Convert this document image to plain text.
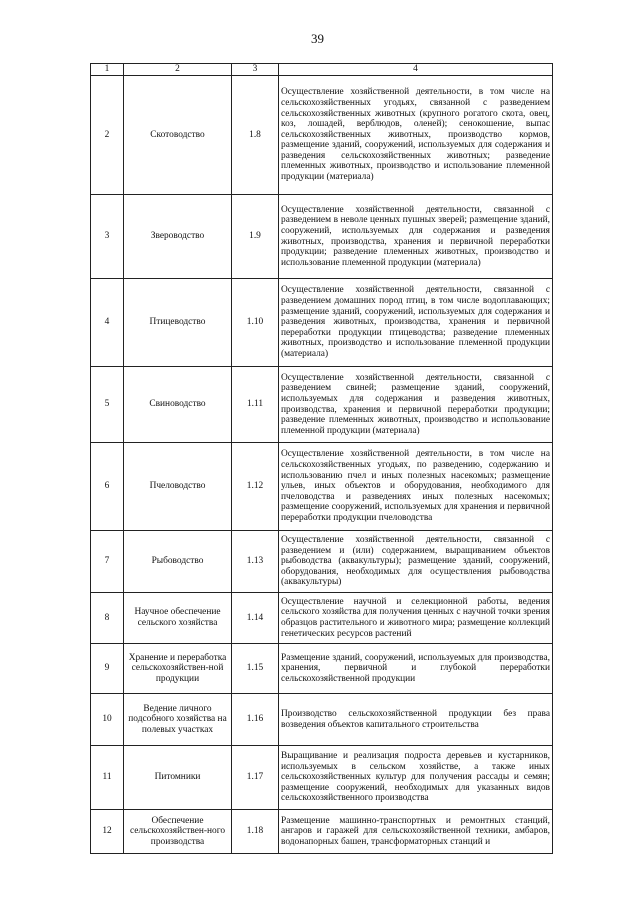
39
1	2	3	4
2	Скотоводство	1.8	Осуществление хозяйственной деятельности, в том числе на сельскохозяйственных угодьях, связанной с разведением сельскохозяйственных животных (крупного рогатого скота, овец, коз, лошадей, верблюдов, оленей); сенокошение, выпас сельскохозяйственных животных, производство кормов, размещение зданий, сооружений, используемых для содержания и разведения сельскохозяйственных животных; разведение племенных животных, производство и использование племенной продукции (материала)
3	Звероводство	1.9	Осуществление хозяйственной деятельности, связанной с разведением в неволе ценных пушных зверей; размещение зданий, сооружений, используемых для содержания и разведения животных, производства, хранения и первичной переработки продукции; разведение племенных животных, производство и использование племенной продукции (материала)
4	Птицеводство	1.10	Осуществление хозяйственной деятельности, связанной с разведением домашних пород птиц, в том числе водоплавающих; размещение зданий, сооружений, используемых для содержания и разведения животных, производства, хранения и первичной переработки продукции птицеводства; разведение племенных животных, производство и использование племенной продукции (материала)
5	Свиноводство	1.11	Осуществление хозяйственной деятельности, связанной с разведением свиней; размещение зданий, сооружений, используемых для содержания и разведения животных, производства, хранения и первичной переработки продукции; разведение племенных животных, производство и использование племенной продукции (материала)
6	Пчеловодство	1.12	Осуществление хозяйственной деятельности, в том числе на сельскохозяйственных угодьях, по разведению, содержанию и использованию пчел и иных полезных насекомых; размещение ульев, иных объектов и оборудования, необходимого для пчеловодства и разведениях иных полезных насекомых; размещение сооружений, используемых для хранения и первичной переработки продукции пчеловодства
7	Рыбоводство	1.13	Осуществление хозяйственной деятельности, связанной с разведением и (или) содержанием, выращиванием объектов рыбоводства (аквакультуры); размещение зданий, сооружений, оборудования, необходимых для осуществления рыбоводства (аквакультуры)
8	Научное обеспечение сельского хозяйства	1.14	Осуществление научной и селекционной работы, ведения сельского хозяйства для получения ценных с научной точки зрения образцов растительного и животного мира; размещение коллекций генетических ресурсов растений
9	Хранение и переработка сельскохозяйствен-ной продукции	1.15	Размещение зданий, сооружений, используемых для производства, хранения, первичной и глубокой переработки сельскохозяйственной продукции
10	Ведение личного подсобного хозяйства на полевых участках	1.16	Производство сельскохозяйственной продукции без права возведения объектов капитального строительства
11	Питомники	1.17	Выращивание и реализация подроста деревьев и кустарников, используемых в сельском хозяйстве, а также иных сельскохозяйственных культур для получения рассады и семян; размещение сооружений, необходимых для указанных видов сельскохозяйственного производства
12	Обеспечение сельскохозяйствен-ного производства	1.18	Размещение машинно-транспортных и ремонтных станций, ангаров и гаражей для сельскохозяйственной техники, амбаров, водонапорных башен, трансформаторных станций и
